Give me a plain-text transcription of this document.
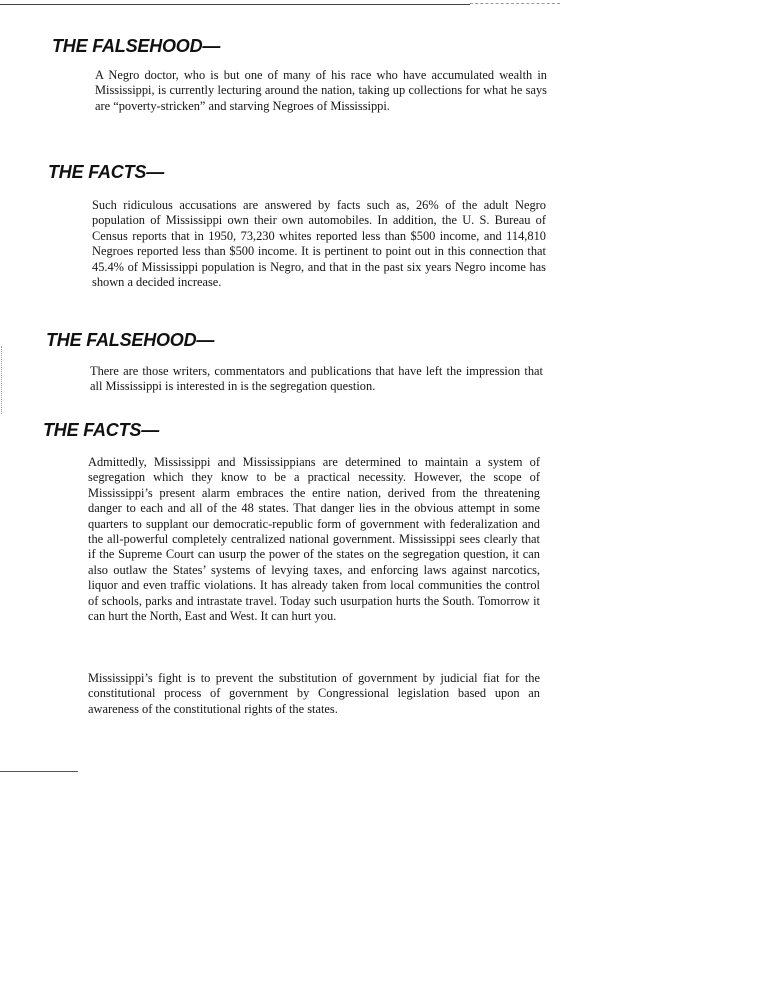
THE FALSEHOOD—

A Negro doctor, who is but one of many of his race who have accumulated wealth in Mississippi, is currently lecturing around the nation, taking up collections for what he says are “poverty-stricken” and starving Negroes of Mississippi.

THE FACTS—

Such ridiculous accusations are answered by facts such as, 26% of the adult Negro population of Mississippi own their own automobiles. In addition, the U. S. Bureau of Census reports that in 1950, 73,230 whites reported less than $500 income, and 114,810 Negroes reported less than $500 income. It is pertinent to point out in this connection that 45.4% of Mississippi population is Negro, and that in the past six years Negro income has shown a decided increase.

THE FALSEHOOD—

There are those writers, commentators and publications that have left the impression that all Mississippi is interested in is the segregation question.

THE FACTS—

Admittedly, Mississippi and Mississippians are determined to maintain a system of segregation which they know to be a practical necessity. However, the scope of Mississippi’s present alarm embraces the entire nation, derived from the threatening danger to each and all of the 48 states. That danger lies in the obvious attempt in some quarters to supplant our democratic-republic form of government with federalization and the all-powerful completely centralized national government. Mississippi sees clearly that if the Supreme Court can usurp the power of the states on the segregation question, it can also outlaw the States’ systems of levying taxes, and enforcing laws against narcotics, liquor and even traffic violations. It has already taken from local communities the control of schools, parks and intrastate travel. Today such usurpation hurts the South. Tomorrow it can hurt the North, East and West. It can hurt you.

Mississippi’s fight is to prevent the substitution of government by judicial fiat for the constitutional process of government by Congressional legislation based upon an awareness of the constitutional rights of the states.
